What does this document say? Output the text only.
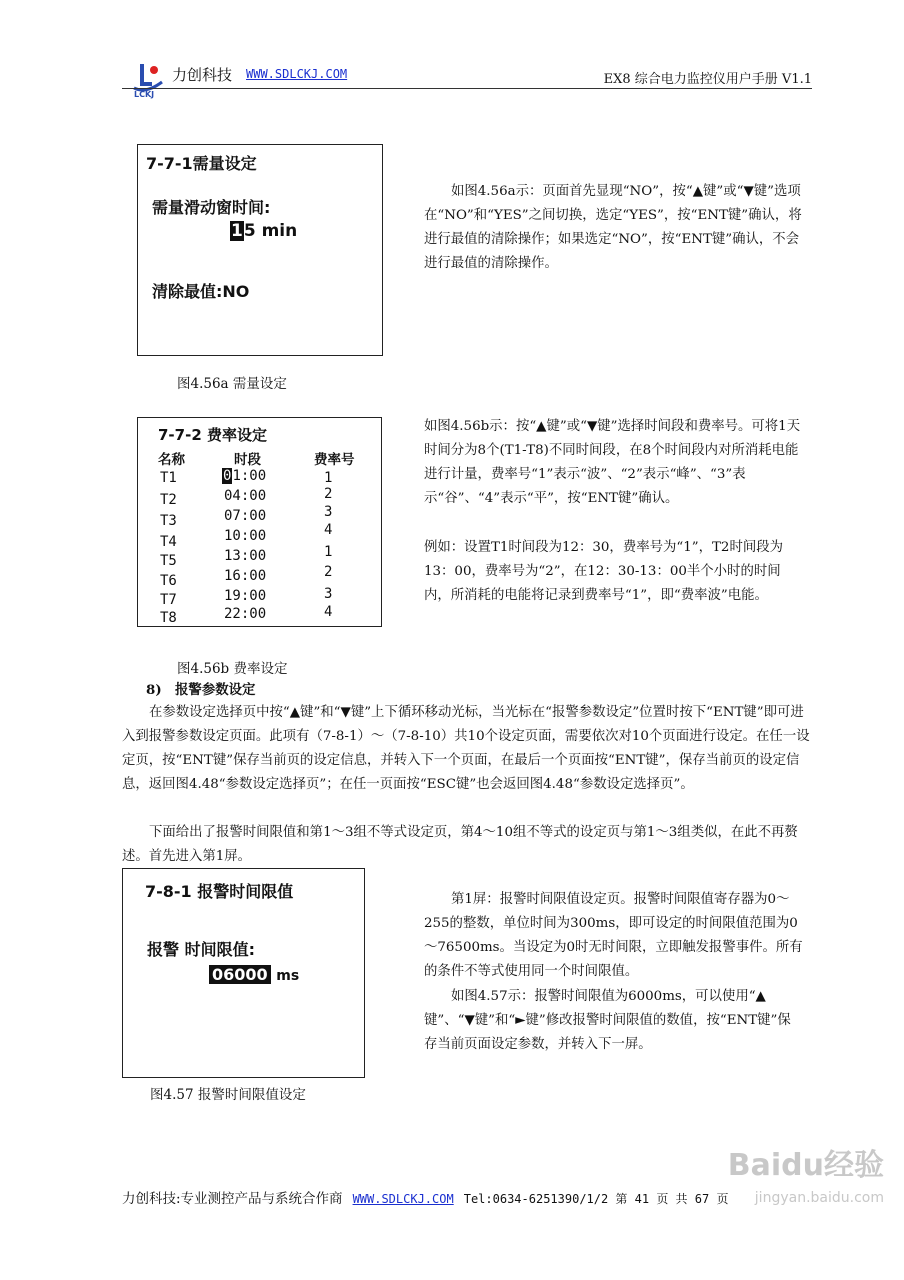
LCKJ
力创科技 WWW.SDLCKJ.COM	EX8 综合电力监控仪用户手册 V1.1
7-7-1需量设定
需量滑动窗时间:
15 min
清除最值:NO
如图4.56a示：页面首先显现“NO”，按“▲键”或“▼键”选项在“NO”和“YES”之间切换，选定“YES”，按“ENT键”确认，将进行最值的清除操作；如果选定“NO”，按“ENT键”确认，不会进行最值的清除操作。
图4.56a 需量设定
7-7-2 费率设定
名称	时段	费率号
T1	01:00	1
T2	04:00	2
T3	07:00	3
T4	10:00	4
T5	13:00	1
T6	16:00	2
T7	19:00	3
T8	22:00	4
如图4.56b示：按“▲键”或“▼键”选择时间段和费率号。可将1天时间分为8个(T1-T8)不同时间段，在8个时间段内对所消耗电能进行计量，费率号“1”表示“波”、“2”表示“峰”、“3”表示“谷”、“4”表示“平”，按“ENT键”确认。
例如：设置T1时间段为12：30，费率号为“1”，T2时间段为13：00，费率号为“2”，在12：30-13：00半个小时的时间内，所消耗的电能将记录到费率号“1”，即“费率波”电能。
图4.56b 费率设定
8)　报警参数设定
在参数设定选择页中按“▲键”和“▼键”上下循环移动光标，当光标在“报警参数设定”位置时按下“ENT键”即可进入到报警参数设定页面。此项有（7-8-1）～（7-8-10）共10个设定页面，需要依次对10个页面进行设定。在任一设定页，按“ENT键”保存当前页的设定信息，并转入下一个页面，在最后一个页面按“ENT键”，保存当前页的设定信息，返回图4.48“参数设定选择页”；在任一页面按“ESC键”也会返回图4.48“参数设定选择页”。
下面给出了报警时间限值和第1～3组不等式设定页，第4～10组不等式的设定页与第1～3组类似，在此不再赘述。首先进入第1屏。
7-8-1 报警时间限值
报警 时间限值:
06000 ms
第1屏：报警时间限值设定页。报警时间限值寄存器为0～255的整数，单位时间为300ms，即可设定的时间限值范围为0～76500ms。当设定为0时无时间限，立即触发报警事件。所有的条件不等式使用同一个时间限值。
如图4.57示：报警时间限值为6000ms，可以使用“▲键”、“▼键”和“►键”修改报警时间限值的数值，按“ENT键”保存当前页面设定参数，并转入下一屏。
图4.57 报警时间限值设定
力创科技:专业测控产品与系统合作商 WWW.SDLCKJ.COM Tel:0634-6251390/1/2 第 41 页 共 67 页
Baidu经验
jingyan.baidu.com
